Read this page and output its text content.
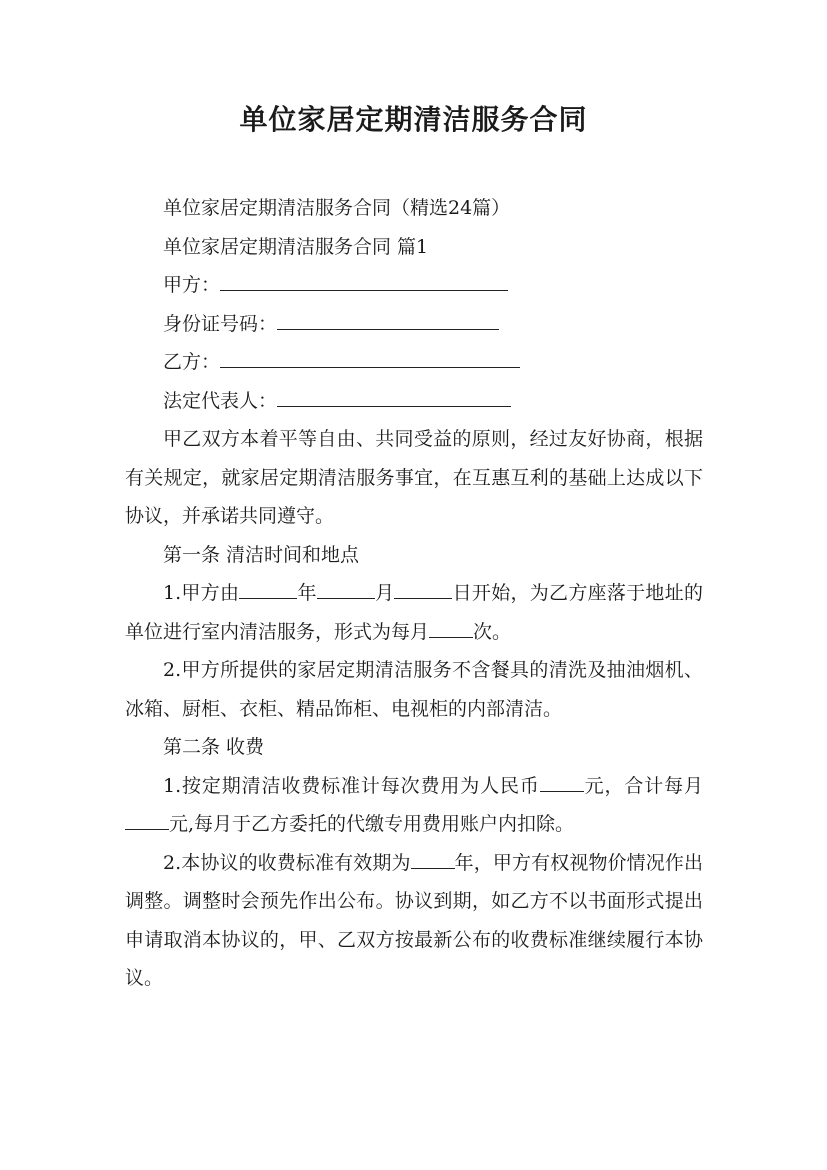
单位家居定期清洁服务合同

单位家居定期清洁服务合同（精选24篇）

单位家居定期清洁服务合同 篇1

甲方：

身份证号码：

乙方：

法定代表人：

甲乙双方本着平等自由、共同受益的原则，经过友好协商，根据有关规定，就家居定期清洁服务事宜，在互惠互利的基础上达成以下协议，并承诺共同遵守。

第一条 清洁时间和地点

1.甲方由	年	月	日开始，为乙方座落于地址的单位进行室内清洁服务，形式为每月 次。

2.甲方所提供的家居定期清洁服务不含餐具的清洗及抽油烟机、冰箱、厨柜、衣柜、精品饰柜、电视柜的内部清洁。

第二条 收费

1.按定期清洁收费标准计每次费用为人民币 元，合计每月元,每月于乙方委托的代缴专用费用账户内扣除。

2.本协议的收费标准有效期为 年，甲方有权视物价情况作出调整。调整时会预先作出公布。协议到期，如乙方不以书面形式提出申请取消本协议的，甲、乙双方按最新公布的收费标准继续履行本协议。
